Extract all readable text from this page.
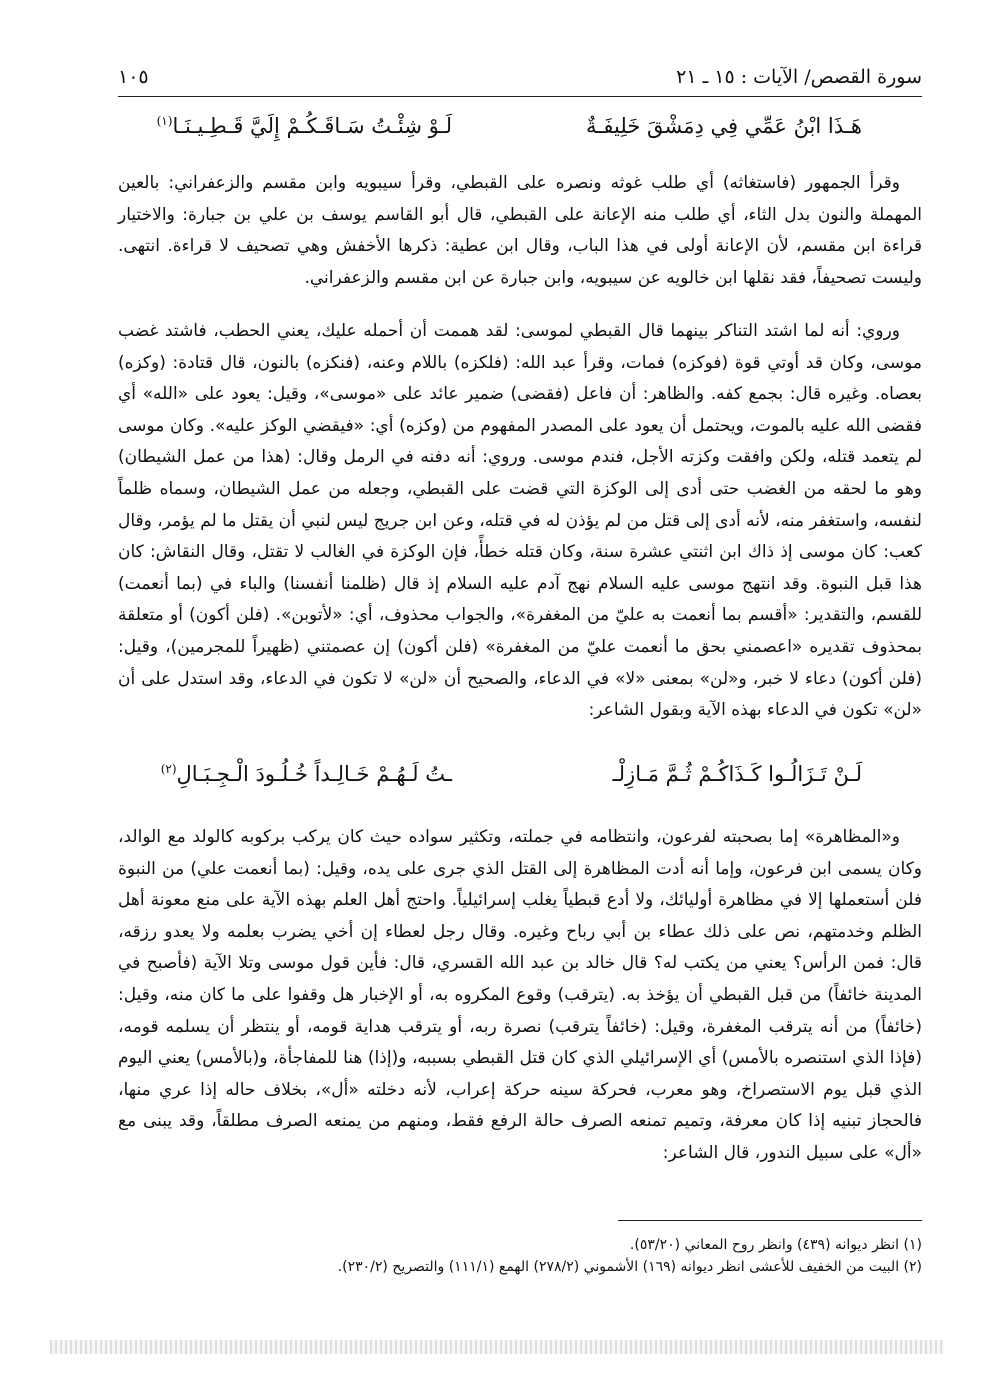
سورة القصص/ الآيات : ١٥ ـ ٢١
١٠٥
هَـذَا ابْنُ عَمِّي فِي دِمَشْقَ خَلِيفَـةٌ
لَـوْ شِئْـتُ سَـاقَـكُـمْ إِلَيَّ قَـطِـيـنَـا$^{(١)}$

وقرأ الجمهور (فاستغاثه) أي طلب غوثه ونصره على القبطي، وقرأ سيبويه وابن مقسم والزعفراني: بالعين المهملة والنون بدل الثاء، أي طلب منه الإعانة على القبطي، قال أبو القاسم يوسف بن علي بن جبارة: والاختيار قراءة ابن مقسم، لأن الإعانة أولى في هذا الباب، وقال ابن عطية: ذكرها الأخفش وهي تصحيف لا قراءة. انتهى. وليست تصحيفاً، فقد نقلها ابن خالويه عن سيبويه، وابن جبارة عن ابن مقسم والزعفراني.

وروي: أنه لما اشتد التناكر بينهما قال القبطي لموسى: لقد هممت أن أحمله عليك، يعني الحطب، فاشتد غضب موسى، وكان قد أوتي قوة (فوكزه) فمات، وقرأ عبد الله: (فلكزه) باللام وعنه، (فنكزه) بالنون، قال قتادة: (وكزه) بعصاه. وغيره قال: بجمع كفه. والظاهر: أن فاعل (فقضى) ضمير عائد على «موسى»، وقيل: يعود على «الله» أي فقضى الله عليه بالموت، ويحتمل أن يعود على المصدر المفهوم من (وكزه) أي: «فيقضي الوكز عليه». وكان موسى لم يتعمد قتله، ولكن وافقت وكزته الأجل، فندم موسى. وروي: أنه دفنه في الرمل وقال: (هذا من عمل الشيطان) وهو ما لحقه من الغضب حتى أدى إلى الوكزة التي قضت على القبطي، وجعله من عمل الشيطان، وسماه ظلماً لنفسه، واستغفر منه، لأنه أدى إلى قتل من لم يؤذن له في قتله، وعن ابن جريج ليس لنبي أن يقتل ما لم يؤمر، وقال كعب: كان موسى إذ ذاك ابن اثنتي عشرة سنة، وكان قتله خطأً، فإن الوكزة في الغالب لا تقتل، وقال النقاش: كان هذا قبل النبوة. وقد انتهج موسى عليه السلام نهج آدم عليه السلام إذ قال (ظلمنا أنفسنا) والباء في (بما أنعمت) للقسم، والتقدير: «أقسم بما أنعمت به عليّ من المغفرة»، والجواب محذوف، أي: «لأتوبن». (فلن أكون) أو متعلقة بمحذوف تقديره «اعصمني بحق ما أنعمت عليّ من المغفرة» (فلن أكون) إن عصمتني (ظهيراً للمجرمين)، وقيل: (فلن أكون) دعاء لا خبر، و«لن» بمعنى «لا» في الدعاء، والصحيح أن «لن» لا تكون في الدعاء، وقد استدل على أن «لن» تكون في الدعاء بهذه الآية وبقول الشاعر:

لَـنْ تَـزَالُـوا كَـذَاكُـمْ ثُـمَّ مَـازِلْـ
ـتُ لَـهُـمْ خَـالِـداً خُـلُـودَ الْـجِـبَـالِ$^{(٢)}$

و«المظاهرة» إما بصحبته لفرعون، وانتظامه في جملته، وتكثير سواده حيث كان يركب بركوبه كالولد مع الوالد، وكان يسمى ابن فرعون، وإما أنه أدت المظاهرة إلى القتل الذي جرى على يده، وقيل: (بما أنعمت علي) من النبوة فلن أستعملها إلا في مظاهرة أوليائك، ولا أدع قبطياً يغلب إسرائيلياً. واحتج أهل العلم بهذه الآية على منع معونة أهل الظلم وخدمتهم، نص على ذلك عطاء بن أبي رباح وغيره. وقال رجل لعطاء إن أخي يضرب بعلمه ولا يعدو رزقه، قال: فمن الرأس؟ يعني من يكتب له؟ قال خالد بن عبد الله القسري، قال: فأين قول موسى وتلا الآية (فأصبح في المدينة خائفاً) من قبل القبطي أن يؤخذ به. (يترقب) وقوع المكروه به، أو الإخبار هل وقفوا على ما كان منه، وقيل: (خائفاً) من أنه يترقب المغفرة، وقيل: (خائفاً يترقب) نصرة ربه، أو يترقب هداية قومه، أو ينتظر أن يسلمه قومه، (فإذا الذي استنصره بالأمس) أي الإسرائيلي الذي كان قتل القبطي بسببه، و(إذا) هنا للمفاجأة، و(بالأمس) يعني اليوم الذي قبل يوم الاستصراخ، وهو معرب، فحركة سينه حركة إعراب، لأنه دخلته «أل»، بخلاف حاله إذا عري منها، فالحجاز تبنيه إذا كان معرفة، وتميم تمنعه الصرف حالة الرفع فقط، ومنهم من يمنعه الصرف مطلقاً، وقد يبنى مع «أل» على سبيل الندور، قال الشاعر:

(١) انظر ديوانه (٤٣٩) وانظر روح المعاني (٥٣/٢٠).
(٢) البيت من الخفيف للأعشى انظر ديوانه (١٦٩) الأشموني (٢٧٨/٢) الهمع (١١١/١) والتصريح (٢٣٠/٢).
